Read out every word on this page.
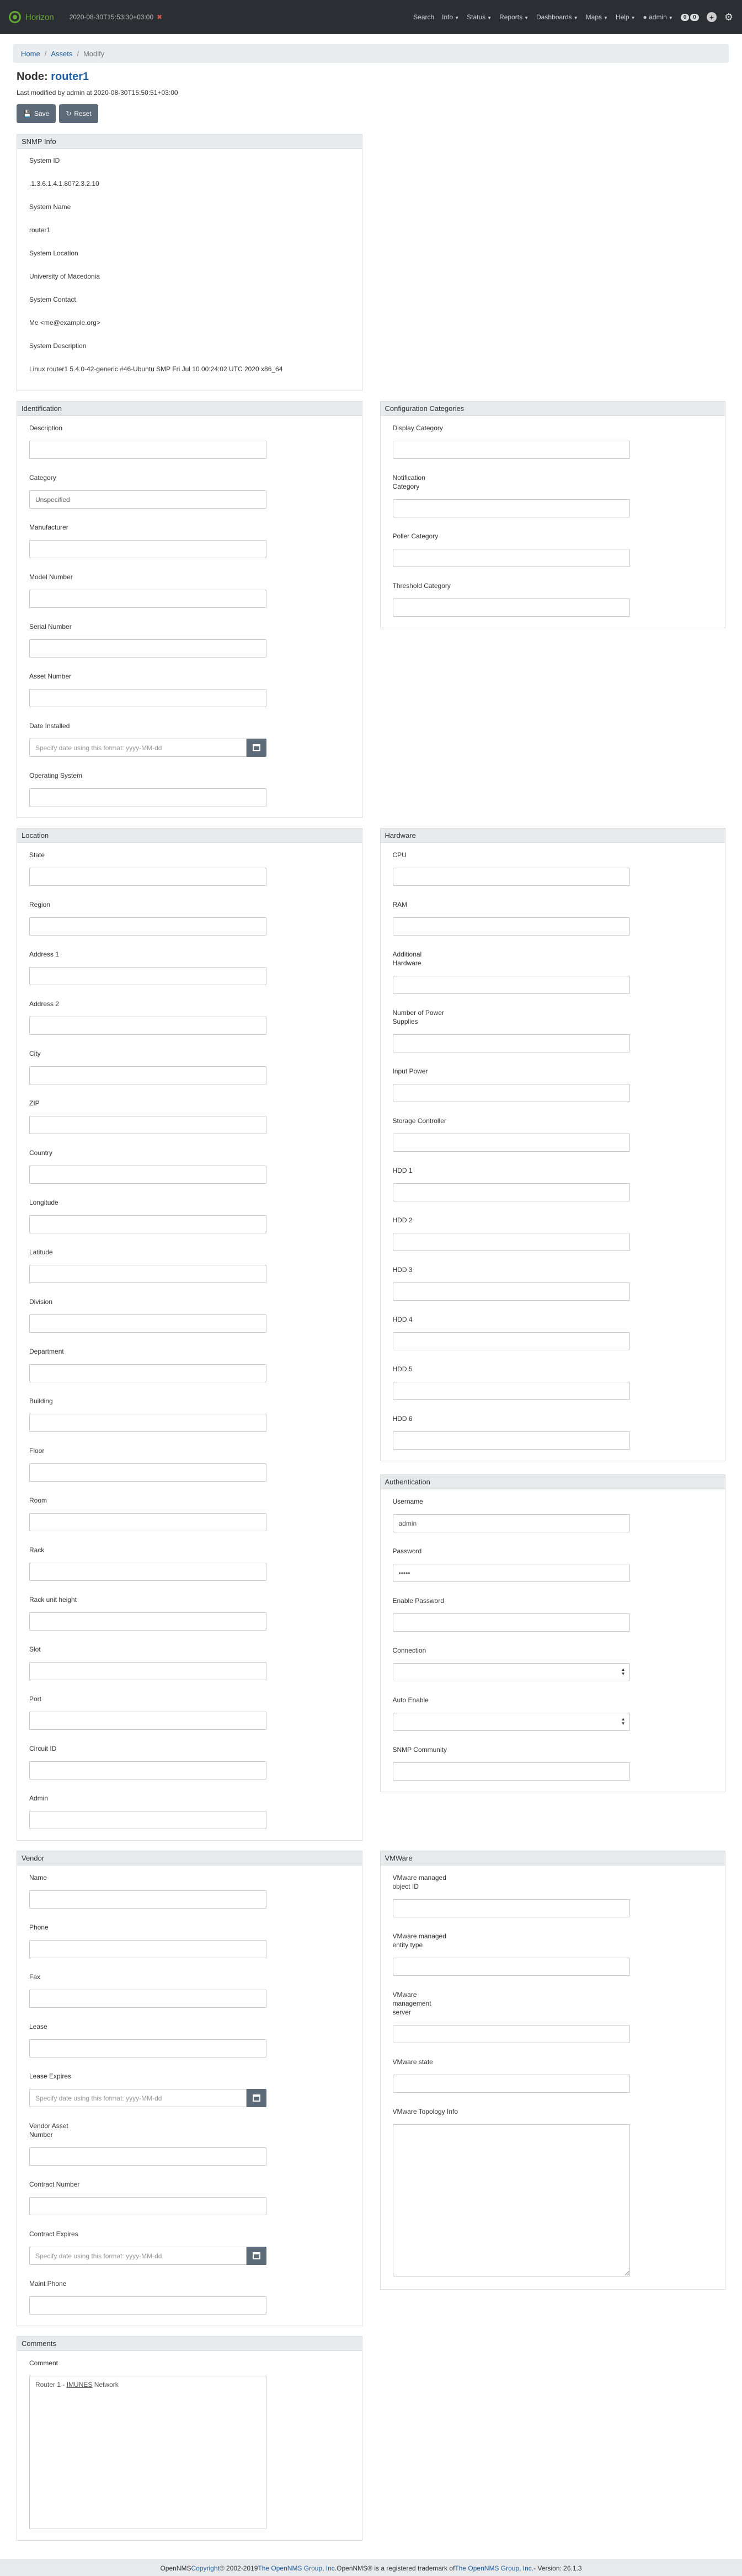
Horizon 2020-08-30T15:53:30+03:00 ✖	Search Info ▼ Status ▼ Reports ▼ Dashboards ▼ Maps ▼ Help ▼ ● admin ▼	0	0	+ ⚙
Home / Assets / Modify
Node: router1
Last modified by admin at 2020-08-30T15:50:51+03:00
💾 Save	↻ Reset
SNMP Info
System ID
.1.3.6.1.4.1.8072.3.2.10
System Name
router1
System Location
University of Macedonia
System Contact
Me <me@example.org>
System Description
Linux router1 5.4.0-42-generic #46-Ubuntu SMP Fri Jul 10 00:24:02 UTC 2020 x86_64
Identification
Description
Category
Unspecified
Manufacturer
Model Number
Serial Number
Asset Number
Date Installed
Specify date using this format: yyyy-MM-dd
Operating System
Configuration Categories
Display Category
Notification Category
Poller Category
Threshold Category
Location
State
Region
Address 1
Address 2
City
ZIP
Country
Longitude
Latitude
Division
Department
Building
Floor
Room
Rack
Rack unit height
Slot
Port
Circuit ID
Admin
Hardware
CPU
RAM
Additional Hardware
Number of Power Supplies
Input Power
Storage Controller
HDD 1
HDD 2
HDD 3
HDD 4
HDD 5
HDD 6
Authentication
Username
admin
Password
•••••
Enable Password
Connection
▲
▼
Auto Enable
▲
▼
SNMP Community
Vendor
Name
Phone
Fax
Lease
Lease Expires
Specify date using this format: yyyy-MM-dd
Vendor Asset Number
Contract Number
Contract Expires
Specify date using this format: yyyy-MM-dd
Maint Phone
VMWare
VMware managed object ID
VMware managed entity type
VMware management server
VMware state
VMware Topology Info
Comments
Comment
Router 1 - IMUNES Network
OpenNMS Copyright © 2002-2019 The OpenNMS Group, Inc. OpenNMS® is a registered trademark of The OpenNMS Group, Inc. - Version: 26.1.3
